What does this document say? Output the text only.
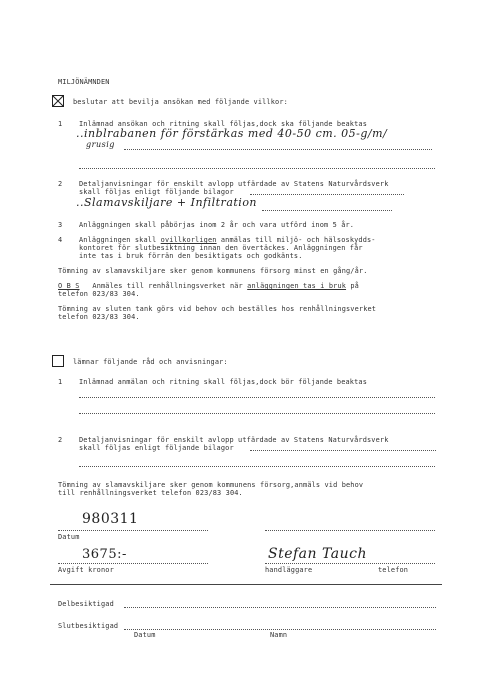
MILJÖNÄMNDEN
beslutar att bevilja ansökan med följande villkor:
1 Inlämnad ansökan och ritning skall följas,dock ska följande beaktas
..inblrabanen för förstärkas med 40-50 cm. 05-g/m/
grusig
2 Detaljanvisningar för enskilt avlopp utfärdade av Statens Naturvårdsverk
skall följas enligt följande bilagor
..Slamavskiljare + Infiltration
3 Anläggningen skall påbörjas inom 2 år och vara utförd inom 5 år.
4 Anläggningen skall ovillkorligen anmälas till miljö- och hälsoskydds-
kontoret för slutbesiktning innan den övertäckes. Anläggningen får
inte tas i bruk förrän den besiktigats och godkänts.
Tömning av slamavskiljare sker genom kommunens försorg minst en gång/år.
O B S Anmäles till renhållningsverket när anläggningen tas i bruk på
telefon 023/83 304.
Tömning av sluten tank görs vid behov och beställes hos renhållningsverket
telefon 023/83 304.
lämnar följande råd och anvisningar:
1 Inlämnad anmälan och ritning skall följas,dock bör följande beaktas
2 Detaljanvisningar för enskilt avlopp utfärdade av Statens Naturvårdsverk
skall följas enligt följande bilagor
Tömning av slamavskiljare sker genom kommunens försorg,anmäls vid behov
till renhållningsverket telefon 023/83 304.
980311
Datum
3675:-
Avgift kronor
Stefan Tauch
handläggare	telefon
Delbesiktigad
Slutbesiktigad
Datum	Namn
